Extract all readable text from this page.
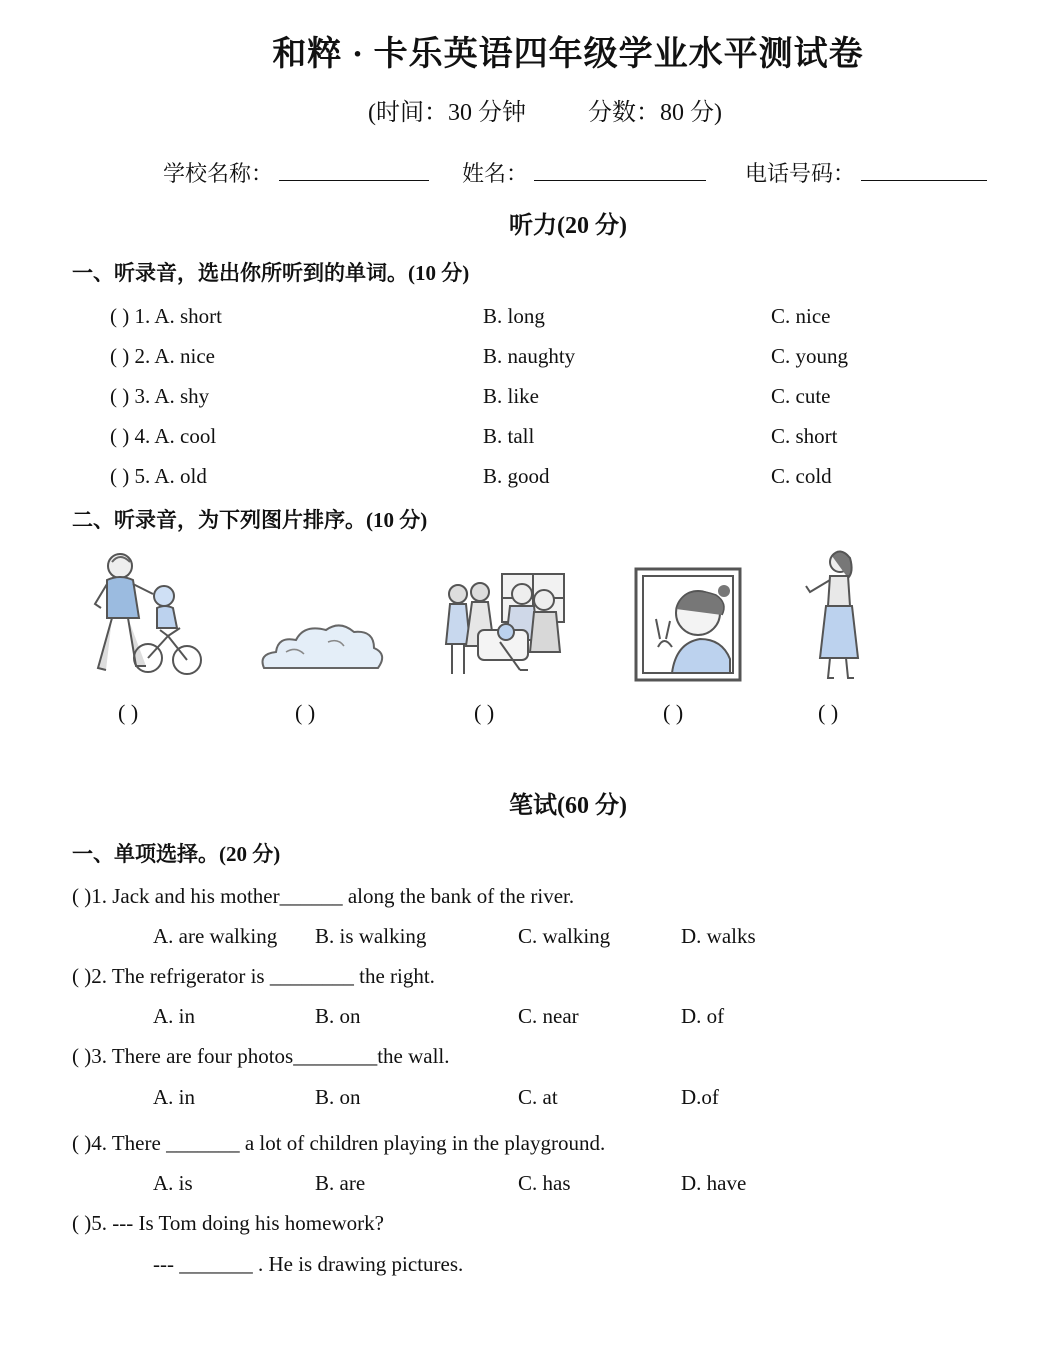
和粹 · 卡乐英语四年级学业水平测试卷
(时间：30 分钟	分数：80 分)
学校名称：	姓名：	电话号码：
听力(20 分)
一、听录音，选出你所听到的单词。(10 分)
( ) 1. A. short	B. long	C. nice
( ) 2. A. nice	B. naughty	C. young
( ) 3. A. shy	B. like	C. cute
( ) 4. A. cool	B. tall	C. short
( ) 5. A. old	B. good	C. cold
二、听录音，为下列图片排序。(10 分)
( )	( )	( )	( )	( )
笔试(60 分)
一、单项选择。(20 分)
( )1. Jack and his mother______ along the bank of the river.
A. are walking B. is walking	C. walking	D. walks
( )2. The refrigerator is ________ the right.
A. in	B. on	C. near	D. of
( )3. There are four photos________the wall.
A. in	B. on	C. at	D.of
( )4. There _______ a lot of children playing in the playground.
A. is	B. are	C. has	D. have
( )5. --- Is Tom doing his homework?
--- _______ . He is drawing pictures.
